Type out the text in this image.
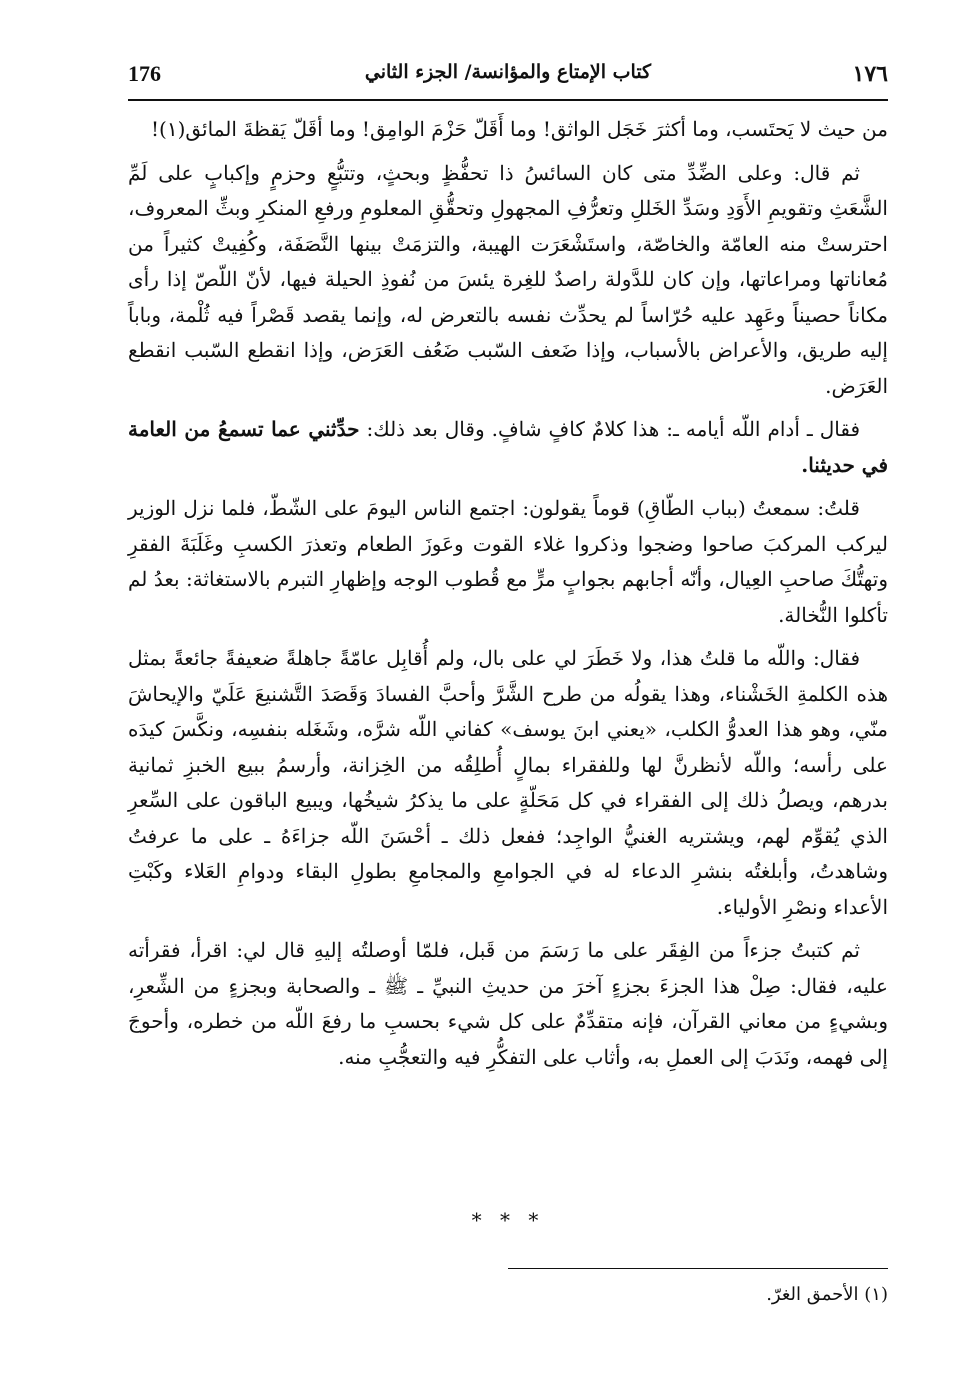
176	كتاب الإمتاع والمؤانسة/ الجزء الثاني	١٧٦

من حيث لا يَحتَسب، وما أكثرَ خَجَل الواثق! وما أَقَلّ حَزْمَ الوامِق! وما أقَلّ يَقظةَ المائق(١)!

ثم قال: وعلى الضِّدِّ متى كان السائسُ ذا تحفُّظٍ وبحثٍ، وتتبُّعٍ وحزمٍ وإكبابٍ على لَمِّ الشَّعَثِ وتقويمِ الأَوَدِ وسَدِّ الخَللِ وتعرُّفِ المجهولِ وتحقُّقِ المعلومِ ورفعِ المنكرِ وبثِّ المعروف، احترستْ منه العامّة والخاصّة، واستَشْعَرَت الهيبة، والتزمَتْ بينها النَّصَفَة، وكُفِيتْ كثيراً من مُعاناتها ومراعاتها، وإن كان للدَّولة راصدٌ للغِرة يئسَ من نُفوذِ الحيلة فيها، لأنّ اللّصّ إذا رأى مكاناً حصيناً وعَهِد عليه حُرّاساً لم يحدِّث نفسه بالتعرض له، وإنما يقصد قَصْراً فيه ثُلْمة، وباباً إليه طريق، والأعراض بالأسباب، وإذا ضَعف السّبب ضَعُف العَرَض، وإذا انقطع السّبب انقطع العَرَض.

فقال ـ أدام اللّه أيامه ـ: هذا كلامٌ كافٍ شافٍ. وقال بعد ذلك: حدِّثني عما تسمعُ من العامة في حديثنا.

قلتُ: سمعتُ (بباب الطّاقِ) قوماً يقولون: اجتمع الناس اليومَ على الشّطّ، فلما نزل الوزير ليركب المركبَ صاحوا وضجوا وذكروا غلاء القوت وعَوزَ الطعام وتعذرَ الكسبِ وغَلَبَةَ الفقرِ وتهتُّكَ صاحبِ العِيال، وأنّه أجابهم بجوابٍ مرٍّ مع قُطوب الوجه وإظهارِ التبرم بالاستغاثة: بعدُ لم تأكلوا النُّخالة.

فقال: واللّه ما قلتُ هذا، ولا خَطَرَ لي على بال، ولم أُقابِل عامّةً جاهلةً ضعيفةً جائعةً بمثل هذه الكلمةِ الخَشْناء، وهذا يقولُه من طرح الشَّرَّ وأحبَّ الفسادَ وَقَصَدَ التَّشنيعَ عَلَيّ والإيحاشَ منّي، وهو هذا العدوُّ الكلب، «يعني ابنَ يوسف» كفاني اللّه شرَّه، وشَغَله بنفسِه، ونكَّسَ كيدَه على رأسه؛ واللّه لأنظرنَّ لها وللفقراء بمالٍ أُطلِقُه من الخِزانة، وأرسمُ ببيع الخبزِ ثمانية بدرهم، ويصلُ ذلك إلى الفقراء في كل مَحَلّةٍ على ما يذكرُ شيخُها، ويبيع الباقون على السِّعرِ الذي يُقوِّم لهم، ويشتريه الغنيُّ الواجِد؛ ففعل ذلك ـ أحْسَنَ اللّه جزاءَهُ ـ على ما عرفتُ وشاهدتُ، وأبلغتُه بنشرِ الدعاء له في الجوامعِ والمجامعِ بطولِ البقاء ودوامِ العَلاء وكَبْتِ الأعداء ونصْرِ الأولياء.

ثم كتبتُ جزءاً من الفِقَر على ما رَسَمَ من قَبل، فلمّا أوصلتُه إليهِ قال لي: اقرأ، فقرأته عليه، فقال: صِلْ هذا الجزءَ بجزءٍ آخرَ من حديثِ النبيِّ ـ ﷺ ـ والصحابة وبجزءٍ من الشِّعرِ، وبشيءٍ من معاني القرآن، فإنه متقدِّمٌ على كل شيء بحسبِ ما رفعَ اللّه من خطره، وأحوجَ إلى فهمه، ونَدَبَ إلى العملِ به، وأثاب على التفكُّرِ فيه والتعجُّبِ منه.

* * *
(١) الأحمق الغرّ.
